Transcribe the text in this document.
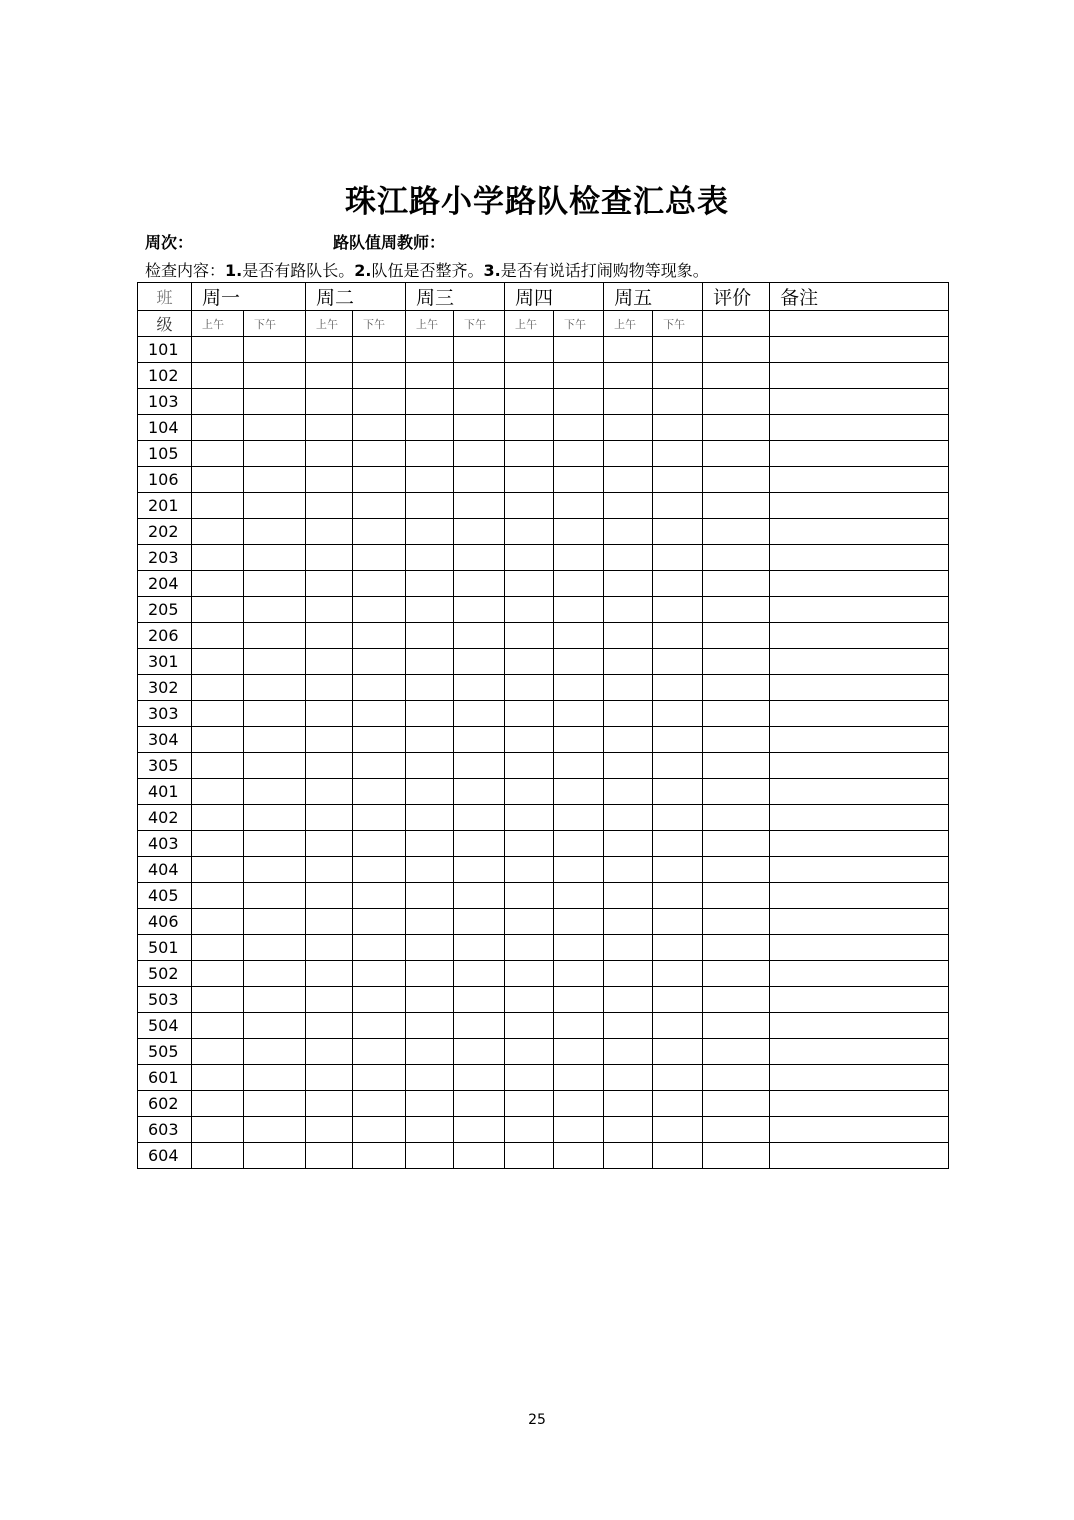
珠江路小学路队检查汇总表
周次：	路队值周教师：
检查内容：1.是否有路队长。2.队伍是否整齐。3.是否有说话打闹购物等现象。
班	周一		周二		周三		周四		周五		评价	备注
级	上午	下午	上午	下午	上午	下午	上午	下午	上午	下午		
101												
102												
103												
104												
105												
106												
201												
202												
203												
204												
205												
206												
301												
302												
303												
304												
305												
401												
402												
403												
404												
405												
406												
501												
502												
503												
504												
505												
601												
602												
603												
604												
25
